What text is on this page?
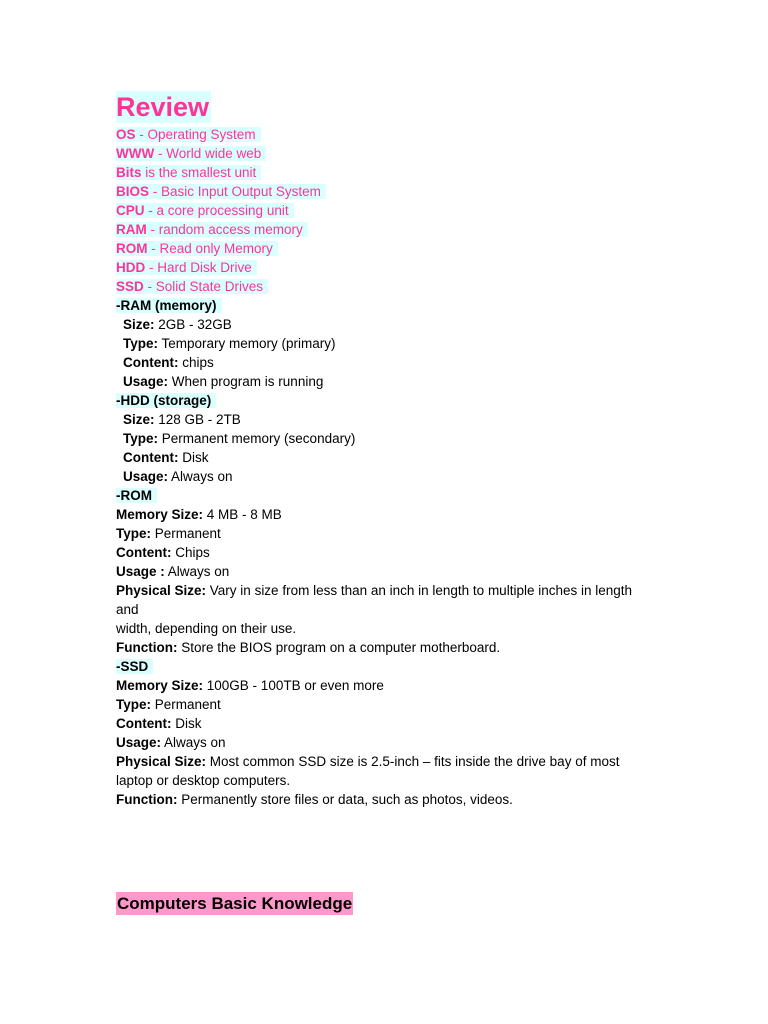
Review
OS - Operating System
WWW - World wide web
Bits is the smallest unit
BIOS - Basic Input Output System
CPU - a core processing unit
RAM - random access memory
ROM - Read only Memory
HDD - Hard Disk Drive
SSD - Solid State Drives
-RAM (memory)
Size: 2GB - 32GB
Type: Temporary memory (primary)
Content: chips
Usage: When program is running
-HDD (storage)
Size: 128 GB - 2TB
Type: Permanent memory (secondary)
Content: Disk
Usage: Always on
-ROM
Memory Size: 4 MB - 8 MB
Type: Permanent
Content: Chips
Usage : Always on
Physical Size: Vary in size from less than an inch in length to multiple inches in length and
width, depending on their use.
Function: Store the BIOS program on a computer motherboard.
-SSD
Memory Size: 100GB - 100TB or even more
Type: Permanent
Content: Disk
Usage: Always on
Physical Size: Most common SSD size is 2.5-inch – fits inside the drive bay of most laptop or desktop computers.
Function: Permanently store files or data, such as photos, videos.
Computers Basic Knowledge
